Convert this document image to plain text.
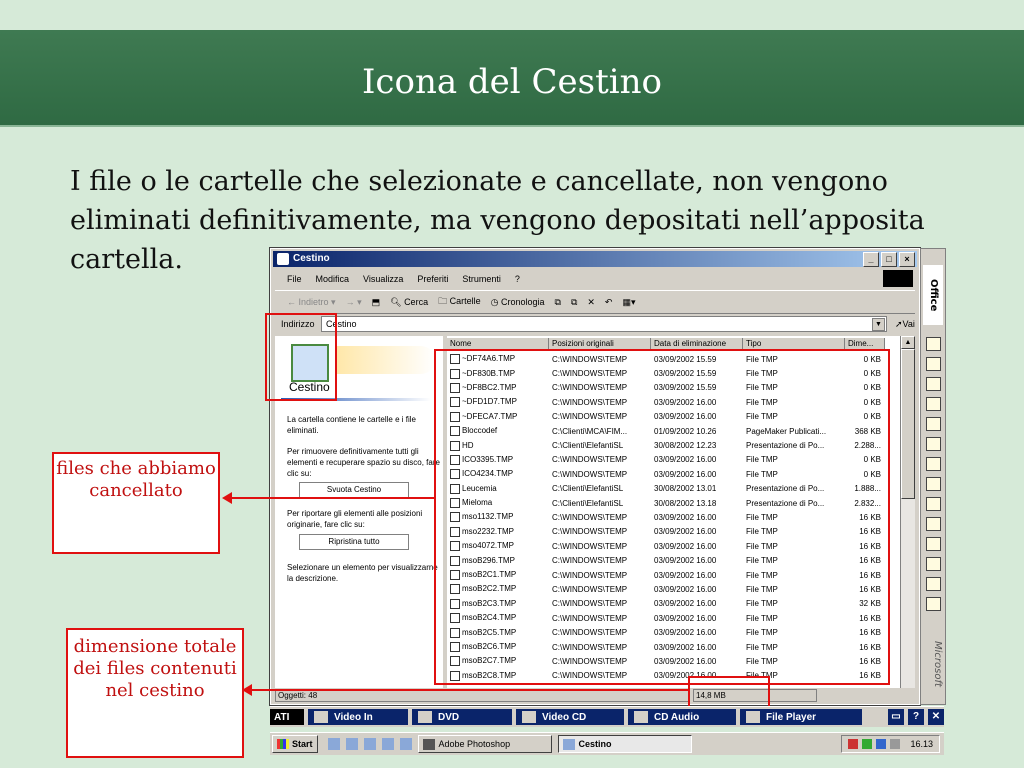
Icona del Cestino
I file o le cartelle che selezionate e cancellate, non vengono eliminati definitivamente, ma vengono depositati nell’apposita cartella.	Cestino	_	□	×
File Modifica Visualizza Preferiti Strumenti ?
← Indietro ▾ → ▾ ⬒ 🔍︎ Cerca 🗀 Cartelle ◷ Cronologia ⧉ ⧉ ✕ ↶ ▦▾
Indirizzo	Cestino	▼	➚Vai
Cestino
La cartella contiene le cartelle e i file eliminati.
Per rimuovere definitivamente tutti gli elementi e recuperare spazio su disco, fare clic su:
Svuota Cestino
Per riportare gli elementi alle posizioni originarie, fare clic su:
Ripristina tutto
Selezionare un elemento per visualizzarne la descrizione.
Nome	Posizioni originali	Data di eliminazione	Tipo	Dime...
~DF74A6.TMP	C:\WINDOWS\TEMP	03/09/2002 15.59	File TMP	0 KB
~DF830B.TMP	C:\WINDOWS\TEMP	03/09/2002 15.59	File TMP	0 KB
~DF8BC2.TMP	C:\WINDOWS\TEMP	03/09/2002 15.59	File TMP	0 KB
~DFD1D7.TMP	C:\WINDOWS\TEMP	03/09/2002 16.00	File TMP	0 KB
~DFECA7.TMP	C:\WINDOWS\TEMP	03/09/2002 16.00	File TMP	0 KB
Bloccodef	C:\Clienti\MCA\FIM...	01/09/2002 10.26	PageMaker Publicati...	368 KB
HD	C:\Clienti\ElefantiSL	30/08/2002 12.23	Presentazione di Po...	2.288...
ICO3395.TMP	C:\WINDOWS\TEMP	03/09/2002 16.00	File TMP	0 KB
ICO4234.TMP	C:\WINDOWS\TEMP	03/09/2002 16.00	File TMP	0 KB
Leucemia	C:\Clienti\ElefantiSL	30/08/2002 13.01	Presentazione di Po...	1.888...
Mieloma	C:\Clienti\ElefantiSL	30/08/2002 13.18	Presentazione di Po...	2.832...
mso1132.TMP	C:\WINDOWS\TEMP	03/09/2002 16.00	File TMP	16 KB
mso2232.TMP	C:\WINDOWS\TEMP	03/09/2002 16.00	File TMP	16 KB
mso4072.TMP	C:\WINDOWS\TEMP	03/09/2002 16.00	File TMP	16 KB
msoB296.TMP	C:\WINDOWS\TEMP	03/09/2002 16.00	File TMP	16 KB
msoB2C1.TMP	C:\WINDOWS\TEMP	03/09/2002 16.00	File TMP	16 KB
msoB2C2.TMP	C:\WINDOWS\TEMP	03/09/2002 16.00	File TMP	16 KB
msoB2C3.TMP	C:\WINDOWS\TEMP	03/09/2002 16.00	File TMP	32 KB
msoB2C4.TMP	C:\WINDOWS\TEMP	03/09/2002 16.00	File TMP	16 KB
msoB2C5.TMP	C:\WINDOWS\TEMP	03/09/2002 16.00	File TMP	16 KB
msoB2C6.TMP	C:\WINDOWS\TEMP	03/09/2002 16.00	File TMP	16 KB
msoB2C7.TMP	C:\WINDOWS\TEMP	03/09/2002 16.00	File TMP	16 KB
msoB2C8.TMP	C:\WINDOWS\TEMP	03/09/2002 16.00	File TMP	16 KB
▲
Oggetti: 48	14,8 MB
files che abbiamo cancellato
dimensione totale dei files contenuti nel cestino
Office
Microsoft
ATI	Video In	DVD	Video CD	CD Audio	File Player	▭	?	✕
Start	Adobe Photoshop	Cestino	16.13
